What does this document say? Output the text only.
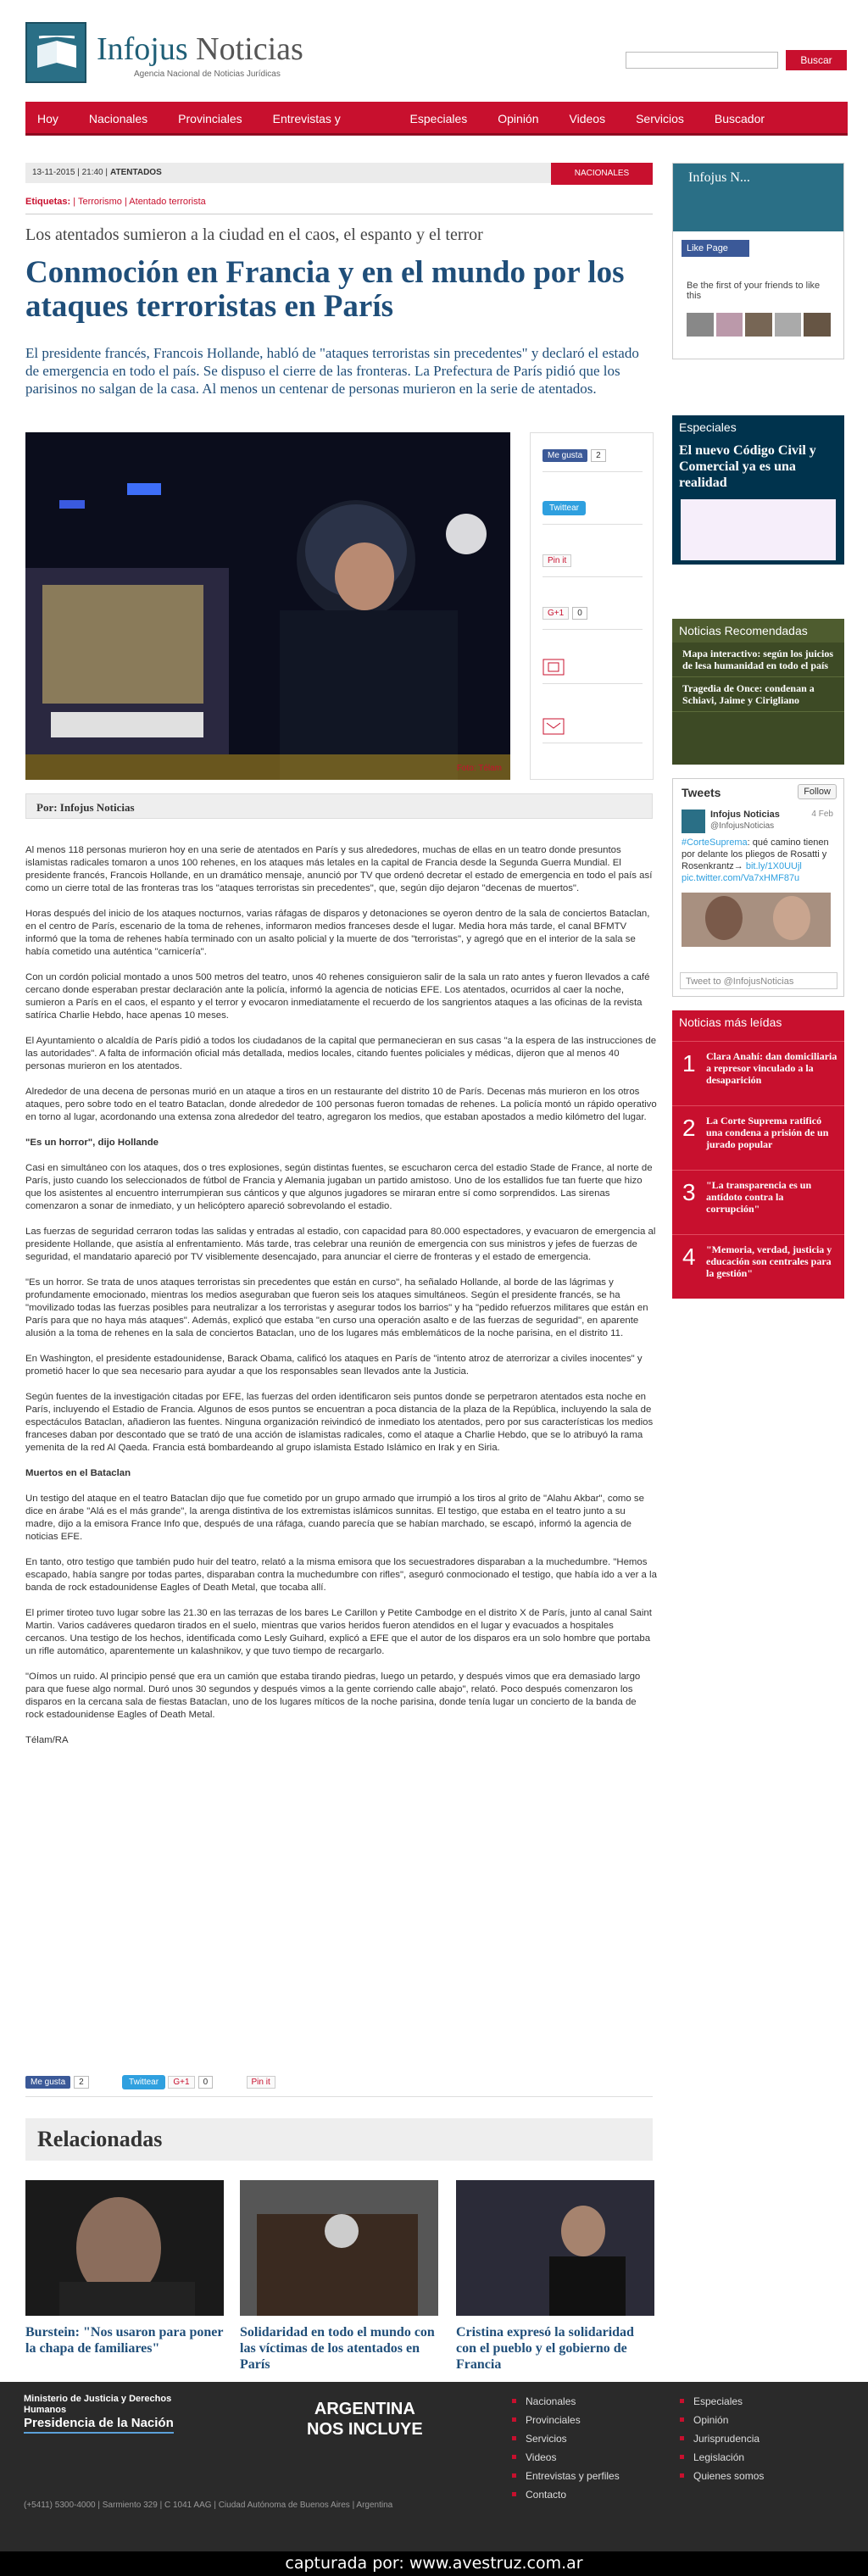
Infojus Noticias
Agencia Nacional de Noticias Jurídicas
Buscar
Hoy	Nacionales	Provinciales	Entrevistas y perfiles
Especiales	Opinión	Videos	Servicios	Buscador Avanzado
13-11-2015 | 21:40 | ATENTADOS	NACIONALES
Etiquetas: | Terrorismo | Atentado terrorista
Los atentados sumieron a la ciudad en el caos, el espanto y el terror
Conmoción en Francia y en el mundo por los ataques terroristas en París
El presidente francés, Francois Hollande, habló de "ataques terroristas sin precedentes" y declaró el estado de emergencia en todo el país. Se dispuso el cierre de las fronteras. La Prefectura de París pidió que los parisinos no salgan de la casa. Al menos un centenar de personas murieron en la serie de atentados.
Foto: Télam
Me gusta 2
Twittear
Pin it
G+1 0
Por: Infojus Noticias

Al menos 118 personas murieron hoy en una serie de atentados en París y sus alrededores, muchas de ellas en un teatro donde presuntos islamistas radicales tomaron a unos 100 rehenes, en los ataques más letales en la capital de Francia desde la Segunda Guerra Mundial. El presidente francés, Francois Hollande, en un dramático mensaje, anunció por TV que ordenó decretar el estado de emergencia en todo el país así como un cierre total de las fronteras tras los "ataques terroristas sin precedentes", que, según dijo dejaron "decenas de muertos".

Horas después del inicio de los ataques nocturnos, varias ráfagas de disparos y detonaciones se oyeron dentro de la sala de conciertos Bataclan, en el centro de París, escenario de la toma de rehenes, informaron medios franceses desde el lugar. Media hora más tarde, el canal BFMTV informó que la toma de rehenes había terminado con un asalto policial y la muerte de dos "terroristas", y agregó que en el interior de la sala se había cometido una auténtica "carnicería".

Con un cordón policial montado a unos 500 metros del teatro, unos 40 rehenes consiguieron salir de la sala un rato antes y fueron llevados a café cercano donde esperaban prestar declaración ante la policía, informó la agencia de noticias EFE. Los atentados, ocurridos al caer la noche, sumieron a París en el caos, el espanto y el terror y evocaron inmediatamente el recuerdo de los sangrientos ataques a las oficinas de la revista satírica Charlie Hebdo, hace apenas 10 meses.

El Ayuntamiento o alcaldía de París pidió a todos los ciudadanos de la capital que permanecieran en sus casas "a la espera de las instrucciones de las autoridades". A falta de información oficial más detallada, medios locales, citando fuentes policiales y médicas, dijeron que al menos 40 personas murieron en los atentados.

Alrededor de una decena de personas murió en un ataque a tiros en un restaurante del distrito 10 de París. Decenas más murieron en los otros ataques, pero sobre todo en el teatro Bataclan, donde alrededor de 100 personas fueron tomadas de rehenes. La policía montó un rápido operativo en torno al lugar, acordonando una extensa zona alrededor del teatro, agregaron los medios, que estaban apostados a medio kilómetro del lugar.

"Es un horror", dijo Hollande

Casi en simultáneo con los ataques, dos o tres explosiones, según distintas fuentes, se escucharon cerca del estadio Stade de France, al norte de París, justo cuando los seleccionados de fútbol de Francia y Alemania jugaban un partido amistoso. Uno de los estallidos fue tan fuerte que hizo que los asistentes al encuentro interrumpieran sus cánticos y que algunos jugadores se miraran entre sí como sorprendidos. Las sirenas comenzaron a sonar de inmediato, y un helicóptero apareció sobrevolando el estadio.

Las fuerzas de seguridad cerraron todas las salidas y entradas al estadio, con capacidad para 80.000 espectadores, y evacuaron de emergencia al presidente Hollande, que asistía al enfrentamiento. Más tarde, tras celebrar una reunión de emergencia con sus ministros y jefes de fuerzas de seguridad, el mandatario apareció por TV visiblemente desencajado, para anunciar el cierre de fronteras y el estado de emergencia.

"Es un horror. Se trata de unos ataques terroristas sin precedentes que están en curso", ha señalado Hollande, al borde de las lágrimas y profundamente emocionado, mientras los medios aseguraban que fueron seis los ataques simultáneos. Según el presidente francés, se ha "movilizado todas las fuerzas posibles para neutralizar a los terroristas y asegurar todos los barrios" y ha "pedido refuerzos militares que están en París para que no haya más ataques". Además, explicó que estaba "en curso una operación asalto e de las fuerzas de seguridad", en aparente alusión a la toma de rehenes en la sala de conciertos Bataclan, uno de los lugares más emblemáticos de la noche parisina, en el distrito 11.

En Washington, el presidente estadounidense, Barack Obama, calificó los ataques en París de "intento atroz de aterrorizar a civiles inocentes" y prometió hacer lo que sea necesario para ayudar a que los responsables sean llevados ante la Justicia.

Según fuentes de la investigación citadas por EFE, las fuerzas del orden identificaron seis puntos donde se perpetraron atentados esta noche en París, incluyendo el Estadio de Francia. Algunos de esos puntos se encuentran a poca distancia de la plaza de la República, incluyendo la sala de espectáculos Bataclan, añadieron las fuentes. Ninguna organización reivindicó de inmediato los atentados, pero por sus características los medios franceses daban por descontado que se trató de una acción de islamistas radicales, como el ataque a Charlie Hebdo, que se lo atribuyó la rama yemenita de la red Al Qaeda. Francia está bombardeando al grupo islamista Estado Islámico en Irak y en Siria.

Muertos en el Bataclan

Un testigo del ataque en el teatro Bataclan dijo que fue cometido por un grupo armado que irrumpió a los tiros al grito de "Alahu Akbar", como se dice en árabe "Alá es el más grande", la arenga distintiva de los extremistas islámicos sunnitas. El testigo, que estaba en el teatro junto a su madre, dijo a la emisora France Info que, después de una ráfaga, cuando parecía que se habían marchado, se escapó, informó la agencia de noticias EFE.

En tanto, otro testigo que también pudo huir del teatro, relató a la misma emisora que los secuestradores disparaban a la muchedumbre. "Hemos escapado, había sangre por todas partes, disparaban contra la muchedumbre con rifles", aseguró conmocionado el testigo, que había ido a ver a la banda de rock estadounidense Eagles of Death Metal, que tocaba allí.

El primer tiroteo tuvo lugar sobre las 21.30 en las terrazas de los bares Le Carillon y Petite Cambodge en el distrito X de París, junto al canal Saint Martin. Varios cadáveres quedaron tirados en el suelo, mientras que varios heridos fueron atendidos en el lugar y evacuados a hospitales cercanos. Una testigo de los hechos, identificada como Lesly Guihard, explicó a EFE que el autor de los disparos era un solo hombre que portaba un rifle automático, aparentemente un kalashnikov, y que tuvo tiempo de recargarlo.

"Oímos un ruido. Al principio pensé que era un camión que estaba tirando piedras, luego un petardo, y después vimos que era demasiado largo para que fuese algo normal. Duró unos 30 segundos y después vimos a la gente corriendo calle abajo", relató. Poco después comenzaron los disparos en la cercana sala de fiestas Bataclan, uno de los lugares míticos de la noche parisina, donde tenía lugar un concierto de la banda de rock estadounidense Eagles of Death Metal.

Télam/RA

Me gusta 2	Twittear G+1 0	Pin it
Relacionadas
Burstein: "Nos usaron para poner la chapa de familiares"
Solidaridad en todo el mundo con las víctimas de los atentados en París
Cristina expresó la solidaridad con el pueblo y el gobierno de Francia
Infojus N...
Like Page
Be the first of your friends to like this
Especiales
El nuevo Código Civil y Comercial ya es una realidad
Noticias Recomendadas
Mapa interactivo: según los juicios de lesa humanidad en todo el país
Tragedia de Once: condenan a Schiavi, Jaime y Cirigliano
Tweets	Follow
Infojus Noticias
@InfojusNoticias
4 Feb
#CorteSuprema: qué camino tienen por delante los pliegos de Rosatti y Rosenkrantz→ bit.ly/1X0UUjl pic.twitter.com/Va7xHMF87u
Tweet to @InfojusNoticias
Noticias más leídas
1 Clara Anahí: dan domiciliaria a represor vinculado a la desaparición
2 La Corte Suprema ratificó una condena a prisión de un jurado popular
3 "La transparencia es un antídoto contra la corrupción"
4 "Memoria, verdad, justicia y educación son centrales para la gestión"
Ministerio de Justicia y Derechos Humanos
Presidencia de la Nación
ARGENTINA
NOS INCLUYE
(+5411) 5300-4000 | Sarmiento 329 | C 1041 AAG | Ciudad Autónoma de Buenos Aires | Argentina
Nacionales
Provinciales
Servicios
Videos
Entrevistas y perfiles
Contacto
Especiales
Opinión
Jurisprudencia
Legislación
Quienes somos
capturada por: www.avestruz.com.ar
